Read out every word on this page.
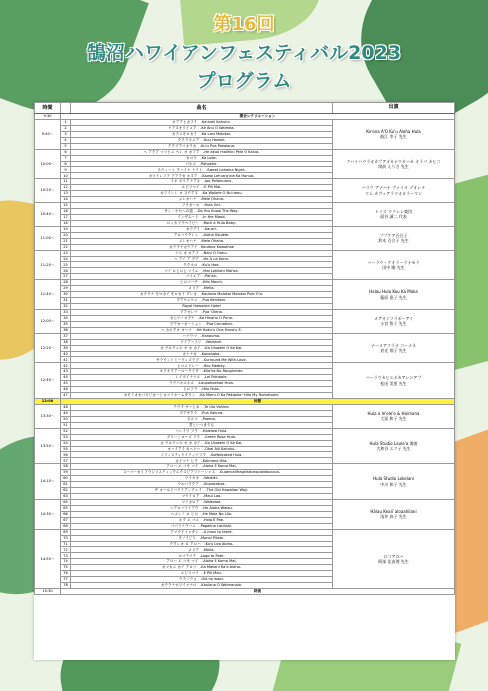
第16回
鵠沼ハワイアンフェスティバル2023
プログラム
時間		曲名	出演
9:30	開会レクリエーション		
9:40～	1	カアアヒカフイ　-Ka'aahi Kahului-	Ke'ena A'O Ku'u Aloha Hula
船江 幸子 先生
	2	ケアヌオワイメア　-Ke Anu O Waimea-	
	3	カラニモロカイ　-Ka Lani Molokai-	
	4	ククラヌメア　-Kuu Hawaii-	
	5	ククプアパカラカ　-Ku'u Pua Pakalana-	
10:00～	6	ヘ アクア マリヒニ ペレ オ カフア　-He akua malihini Pele O Kalua-	クハイハウラオカプアオカナウカハカ オラパ カヒコ
岡前 えりさ 先生
	7	カロワ　-Ka Loke-	
	8	パホエ　-Pahoehe-	
	9	スウィート ラハイナ ナイト　-Sweet Lahaina Night-	
	10	カワイレフア アアラカ ホヌア　-Kawai Lehua'a'ala Ka Honua-	
10:20～	11	イポ ポリアナアヌ　-Ipo Pollanuanu-	ハラウ アナハナ ヴァイオ ゾオレナ
ウム カヴェアラウオカラーマン
	12	エピリマイ　-E Pili Mai-	
	13	カワイレレ オ ヌウアヌ　-Ka Wailele O Nu'uanu-	
	14	メレオハナ　-Mele Ohana-	
10:40～	15	フラガール　-Hula Girl-	トイズ ウクレレ楽団
面谷 誠二 代表
	16	サン・ホセへの道　-Do You Know The Way-	
	17	インザムード　-In the Mood-	
	18	ロッカフラベイビー　-Rock a Hula Baby-	
11:00～	19	カウアイ　-Kaua'i-	ププケア百合子
鈴木 百合子 先生
	20	アロハウクレレ　-Aloha Ukulele-	
	21	メレオハナ　-Mele Ohana-	
	22	カウラナカウアイ　Kaulana Kawaihae	
11:20～	23	ナニ オ オアフ　-Nani O Oahu-	ハーラウ・ケオラーラナモラ
田中 剛 先生
	24	ヘ アイ ア プア　-He A na Kona-	
	25	ククホロ　-Ku'u Hoe-	
	26	マイ ロヒロヒ マイエ　-Mai Lohilohi Mai'oe-	
	27	パイエア　-Pai'aa-	
11:40～	28	ヒロマーチ　-Hilo March-	Halau Hula Kou Ka Maka
藤原 恵子 先生
	29	メリア　-Melia-	
	30	カウラナ モロカイ モロカイ プレオ　-Kaulana Molokai Molokai Pule O'o-	
	31	プアケニケニ　-Pua Kenikeni-	
	32	Royal Hawaiian Hotel	
12:00～	33	プアオレナ　-Pua 'Olena-	メアオイフラポーアイ
小宮 智子 先生
	34	カヒナノオプナ　-Ka Hinano O Puna-	
	35	プアカーネーション　-Pua Carnation-	
	36	ヘ カホクオ オハナ　-He Hoku'u One Hana'u E-	
12:20～	37	ハナウマ　-Hanauma-	ナーメアフラオ コーナネ
倉光 翔子 先生
	38	ワイアーフリ　-Waiahuli-	
	39	カ ウルウェホ オ カ カイ　-Ka Uluwehi O Ke Kai-	
	40	カナナカ　-Kananaka-	
	41	サラウンドミーウィズラブ　-Surround Me With Love-	
12:40～	42	ヒロメドレー　-Hilo Medley-	ハーラウカヒエオカアレンアプ
松田 美里 先生
	43	キラキラアーロークイダ　-Kila'ka No Roughrider-	
	44	レイポイナナエ　-Lei Poinaole-	
	45	ラウパホエホエ　-Laupahoehoe Hula-	
	46	ヒロフラ　-Hilo Hula-	
	47	カモミオカパキピカーヒロマイホームタウン　-Ka Momi O Ka Pakipika~Hilo My Hometown-	
13:00	休憩		
13:30～	48	テウラ ヴァヒネ　-Te Ula Vahine-	Hula o le'ele'e & Hoimana
大冨 和子 先生
	49	プアサクラ　-Pua Sakura-	
	50	ポエマ　-Poema-	
	51	君といつまでも	
13:50～	52	ハレイワ フラ　-Haleiwa Hula-	Hula Studio Laule'a 湘南
大和谷 エツ子 先生
	53	グリーンローズ フラ　-Green Rose Hula-	
	54	カ ウルウェホ オ カ カイ　-Ka Uluwehi O Ke Kai-	
	55	オハイアイ カヘケハ　-Ohai Alii Kahuku-	
	56	ソフィスティケイテッドフラ　-Sofisticated Hula-	
	57	カイマナ ヒラ　-Kaimana Hila-	
14:10～	58	アロハ エ コモ マイ　-Aloha E Komo Mai-	Hula Studio Lokelani
中川 和子 先生
	59	スーパーカリフラジリスティックエクスピアリドーシャス　-Supercalifragilisticexpialidocious-	
	60	ワイキキ　-Waikiki-	
	61	ウルパラクア　-Uluparakua-	
	62	ザ オールドハワイアンウェイ　-The Old Hawaiian Way-	
	63	マウイロア　-Maui Loa-	
14:30～	64	ワイカロア　-Waikoloa-	Hālau Keali`aloaahilani
浅井 真子 先生
	65	ヘアロハワイアウ　-He Aloha Waiau-	
	66	ヘメレノ ロ ヒロ　-He Mele No Lilo-	
	67	ホラ エ パエ　-Hola E Pae-	
	68	パパリナラハニ　-Papalina Lahilahi-	
14:50～	69	アマウイトゥタレ　-A maui to taere-	ロコアロハ
阿部 佳由理 先生
	70	モノイピリ　-Monoi Pitate-	
	71	ククレオ ロ アロハ　-Ku'u Leo Aloha-	
	72	メリア　-Melia-	
	73	ロゴテパテ　-Logo te Pate-	
	74	アロハ エ コモ マイ　-Aloha E Komo Mai-	
	75	カマカニ カイ アロハ　-Ka Makani Ka'a Aloha-	
	76	エピリマイ　-E Pili Mau-	
	77	ウラノウォ　-Ula no waor-	
	78	カウラナオワイマナロ　-Kaulana O Waimanalo-	
15:30	終演		
